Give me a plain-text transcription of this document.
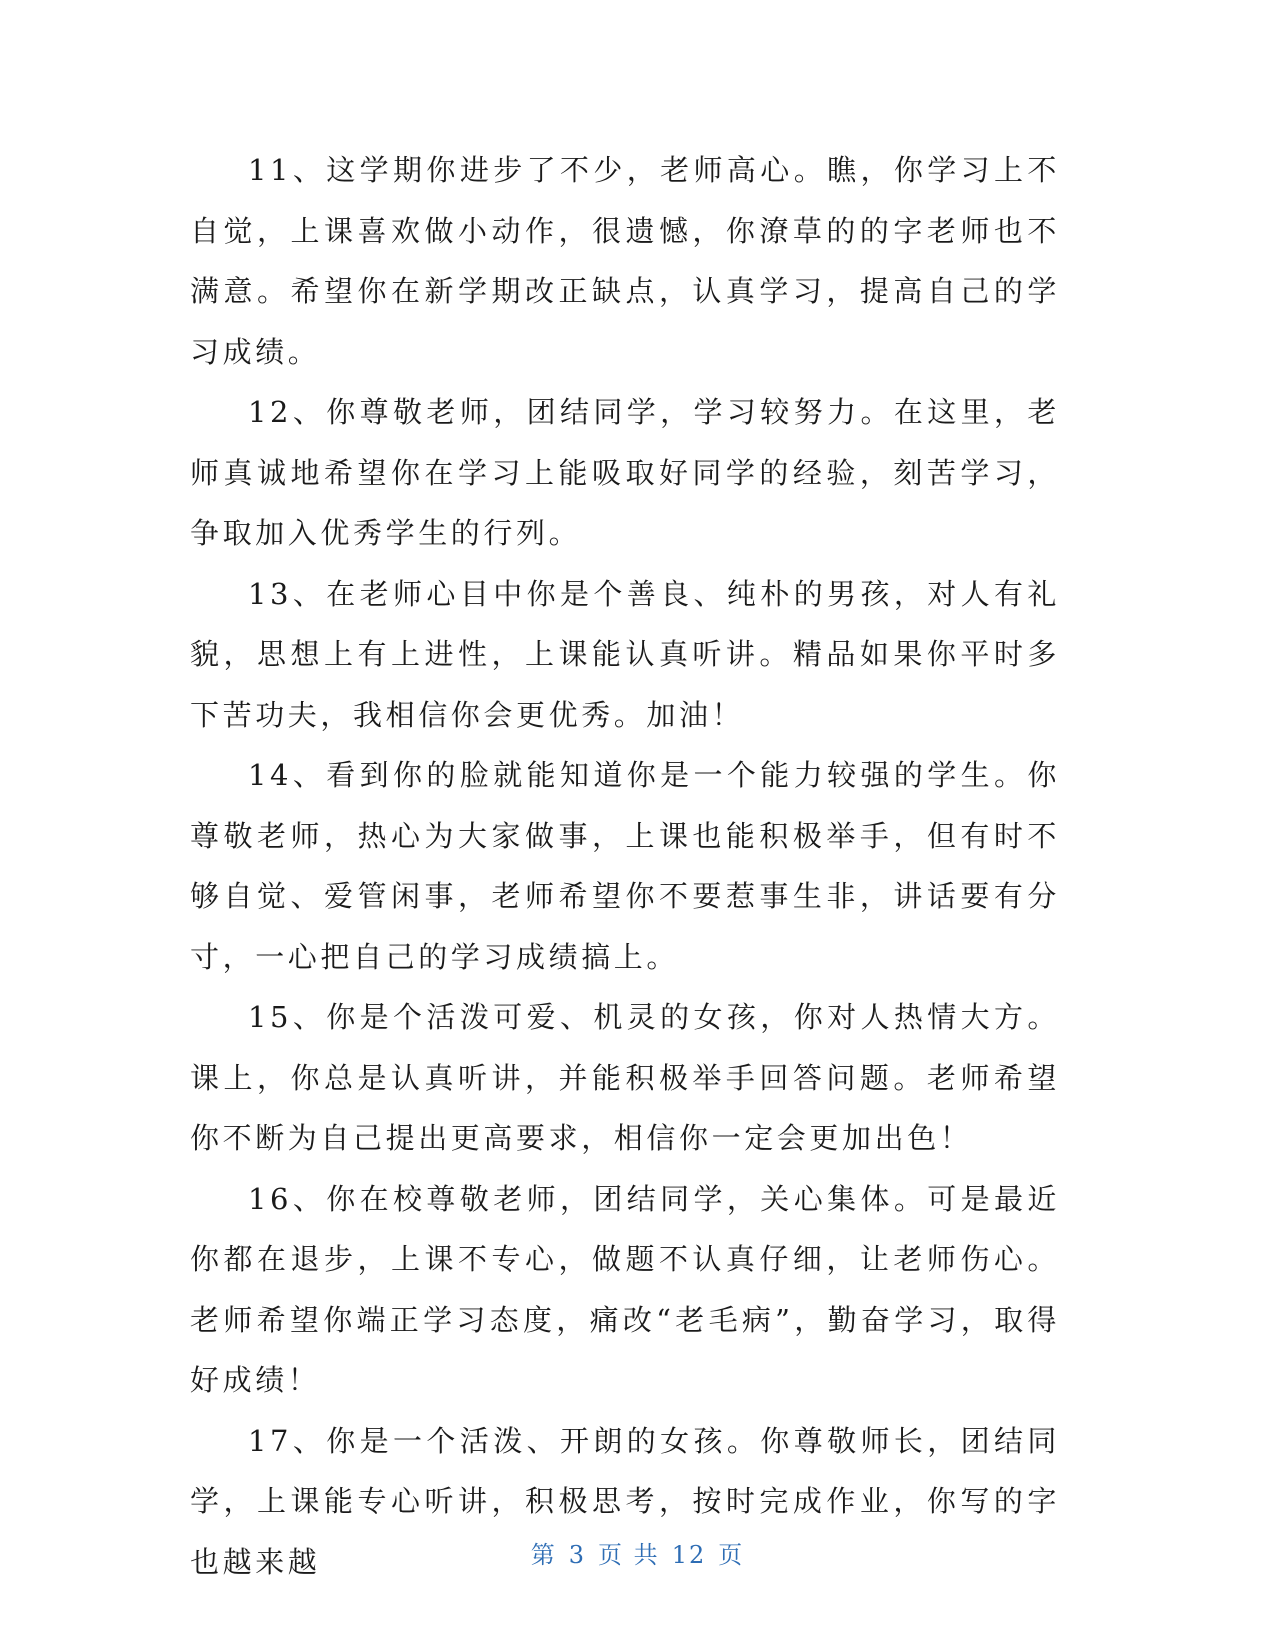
11、这学期你进步了不少，老师高心。瞧，你学习上不自觉，上课喜欢做小动作，很遗憾，你潦草的的字老师也不满意。希望你在新学期改正缺点，认真学习，提高自己的学习成绩。

12、你尊敬老师，团结同学，学习较努力。在这里，老师真诚地希望你在学习上能吸取好同学的经验，刻苦学习，争取加入优秀学生的行列。

13、在老师心目中你是个善良、纯朴的男孩，对人有礼貌，思想上有上进性，上课能认真听讲。精品如果你平时多下苦功夫，我相信你会更优秀。加油！

14、看到你的脸就能知道你是一个能力较强的学生。你尊敬老师，热心为大家做事，上课也能积极举手，但有时不够自觉、爱管闲事，老师希望你不要惹事生非，讲话要有分寸，一心把自己的学习成绩搞上。

15、你是个活泼可爱、机灵的女孩，你对人热情大方。课上，你总是认真听讲，并能积极举手回答问题。老师希望你不断为自己提出更高要求，相信你一定会更加出色！

16、你在校尊敬老师，团结同学，关心集体。可是最近你都在退步，上课不专心，做题不认真仔细，让老师伤心。老师希望你端正学习态度，痛改“老毛病”，勤奋学习，取得好成绩！

17、你是一个活泼、开朗的女孩。你尊敬师长，团结同学，上课能专心听讲，积极思考，按时完成作业，你写的字也越来越	第 3 页 共 12 页
